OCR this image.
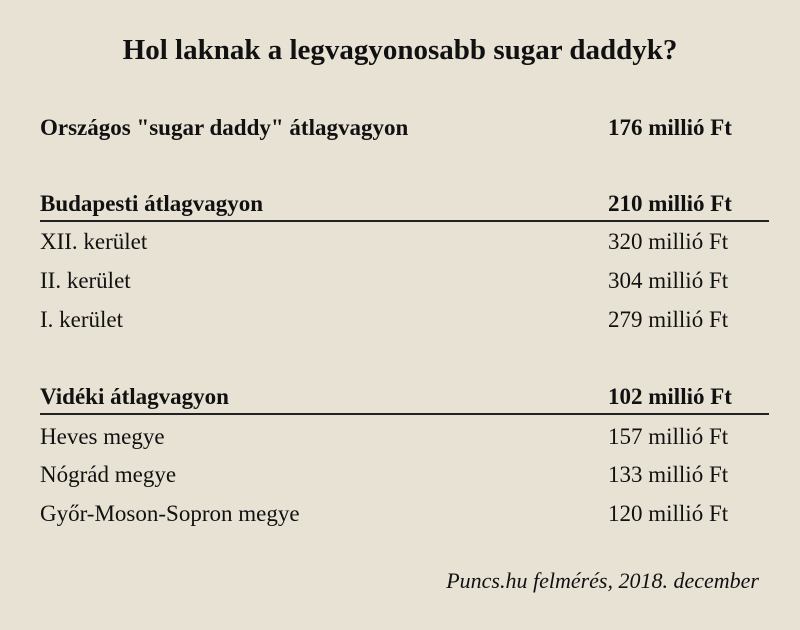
Hol laknak a legvagyonosabb sugar daddyk?
Országos "sugar daddy" átlagvagyon	176 millió Ft
Budapesti átlagvagyon	210 millió Ft
XII. kerület	320 millió Ft
II. kerület	304 millió Ft
I. kerület	279 millió Ft
Vidéki átlagvagyon	102 millió Ft
Heves megye	157 millió Ft
Nógrád megye	133 millió Ft
Győr-Moson-Sopron megye	120 millió Ft
Puncs.hu felmérés, 2018. december
